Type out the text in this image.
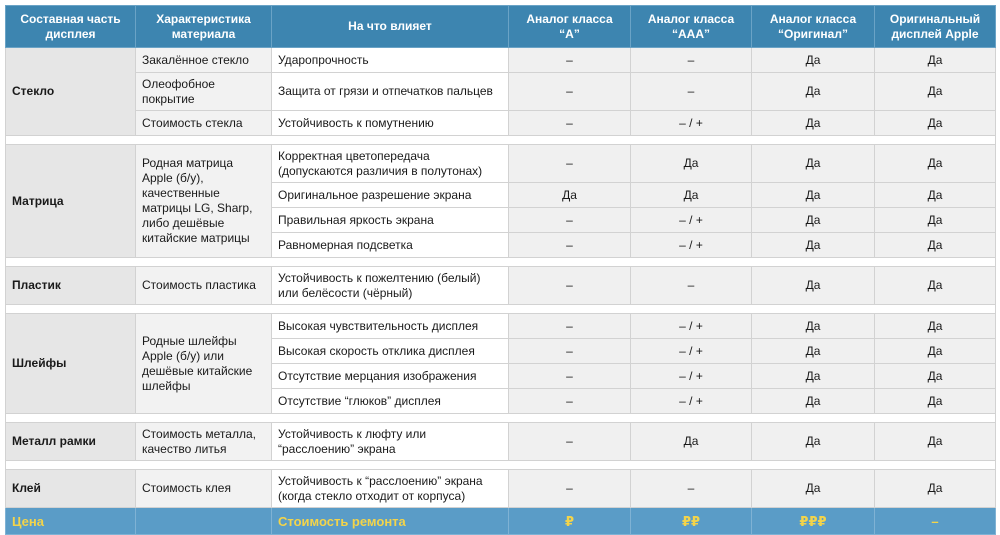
Составная часть дисплея	Характеристика материала	На что влияет	Аналог класса “A”	Аналог класса “AAA”	Аналог класса “Оригинал”	Оригинальный дисплей Apple
Стекло	Закалённое стекло	Ударопрочность	–	–	Да	Да
	Олеофобное покрытие	Защита от грязи и отпечатков пальцев	–	–	Да	Да
	Стоимость стекла	Устойчивость к помутнению	–	– / +	Да	Да

Матрица	Родная матрица Apple (б/у), качественные матрицы LG, Sharp, либо дешёвые китайские матрицы	Корректная цветопередача (допускаются различия в полутонах)	–	Да	Да	Да
		Оригинальное разрешение экрана	Да	Да	Да	Да
		Правильная яркость экрана	–	– / +	Да	Да
		Равномерная подсветка	–	– / +	Да	Да

Пластик	Стоимость пластика	Устойчивость к пожелтению (белый) или белёсости (чёрный)	–	–	Да	Да

Шлейфы	Родные шлейфы Apple (б/у) или дешёвые китайские шлейфы	Высокая чувствительность дисплея	–	– / +	Да	Да
		Высокая скорость отклика дисплея	–	– / +	Да	Да
		Отсутствие мерцания изображения	–	– / +	Да	Да
		Отсутствие “глюков” дисплея	–	– / +	Да	Да

Металл рамки	Стоимость металла, качество литья	Устойчивость к люфту или “расслоению” экрана	–	Да	Да	Да

Клей	Стоимость клея	Устойчивость к “расслоению” экрана (когда стекло отходит от корпуса)	–	–	Да	Да
Цена		Стоимость ремонта	₽	₽₽	₽₽₽	–
